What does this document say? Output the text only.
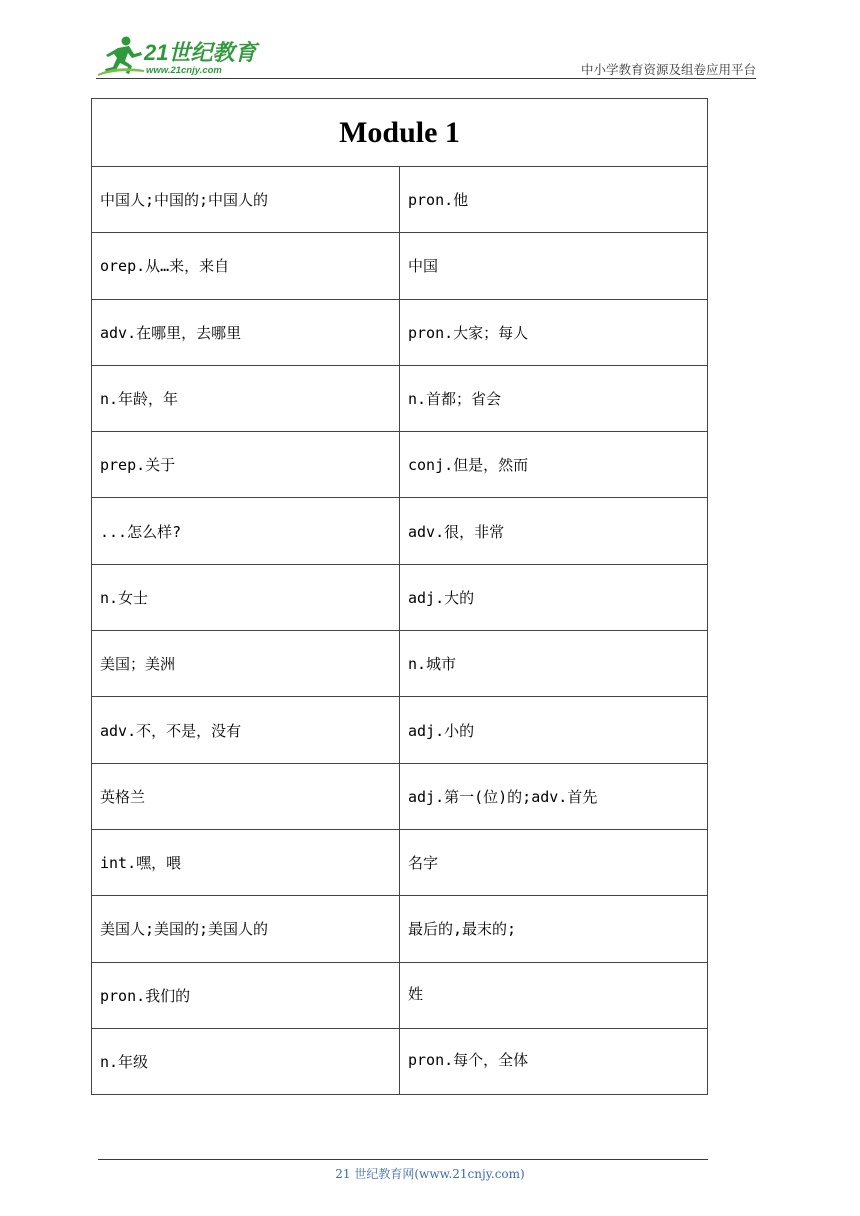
21世纪教育
www.21cnjy.com	中小学教育资源及组卷应用平台
Module 1	
中国人;中国的;中国人的	pron.他
orep.从…来，来自	中国
adv.在哪里，去哪里	pron.大家；每人
n.年龄，年	n.首都；省会
prep.关于	conj.但是，然而
...怎么样?	adv.很，非常
n.女士	adj.大的
美国；美洲	n.城市
adv.不，不是，没有	adj.小的
英格兰	adj.第一(位)的;adv.首先
int.嘿，喂	名字
美国人;美国的;美国人的	最后的,最末的;
pron.我们的	姓
n.年级	pron.每个，全体
21 世纪教育网(www.21cnjy.com)
